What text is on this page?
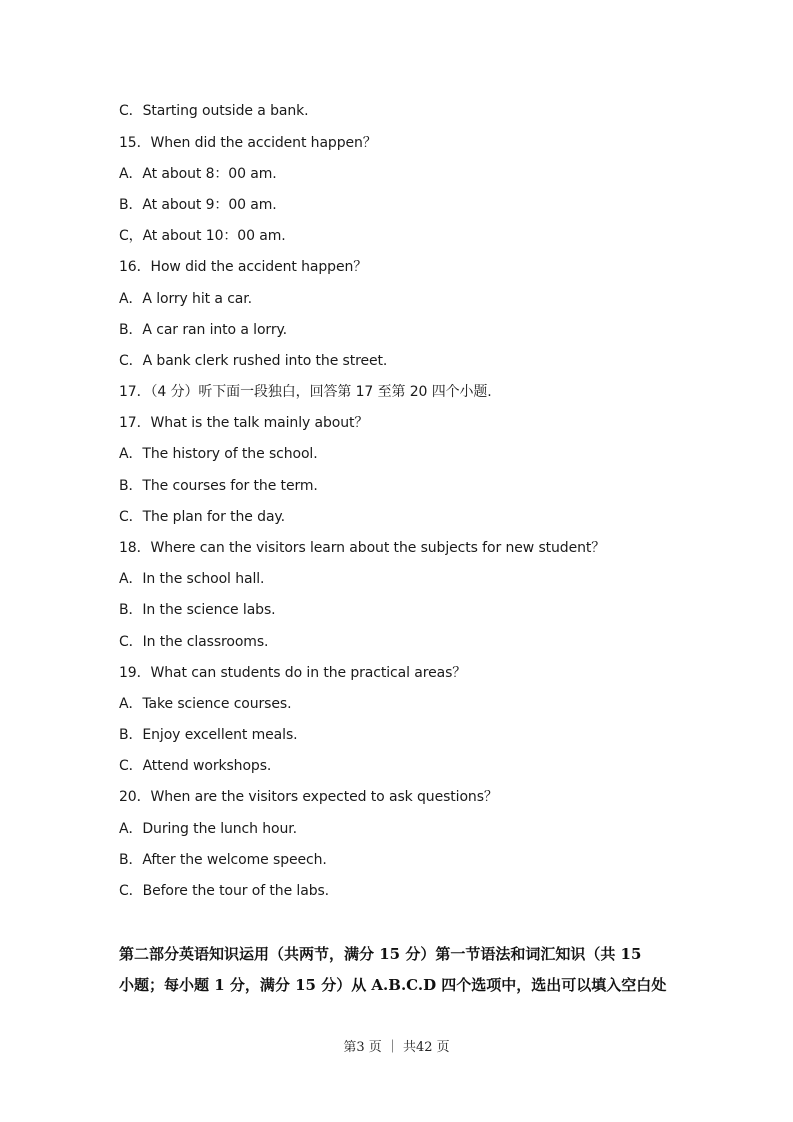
C．Starting outside a bank.
15．When did the accident happen？
A．At about 8：00 am.
B．At about 9：00 am.
C，At about 10：00 am.
16．How did the accident happen？
A．A lorry hit a car.
B．A car ran into a lorry.
C．A bank clerk rushed into the street.
17．（4 分）听下面一段独白，回答第 17 至第 20 四个小题.
17．What is the talk mainly about？
A．The history of the school.
B．The courses for the term.
C．The plan for the day.
18．Where can the visitors learn about the subjects for new student？
A．In the school hall.
B．In the science labs.
C．In the classrooms.
19．What can students do in the practical areas？
A．Take science courses.
B．Enjoy excellent meals.
C．Attend workshops.
20．When are the visitors expected to ask questions？
A．During the lunch hour.
B．After the welcome speech.
C．Before the tour of the labs.
第二部分英语知识运用（共两节，满分 15 分）第一节语法和词汇知识（共 15
小题；每小题 1 分，满分 15 分）从 A.B.C.D 四个选项中，选出可以填入空白处
第3 页 ｜ 共42 页
